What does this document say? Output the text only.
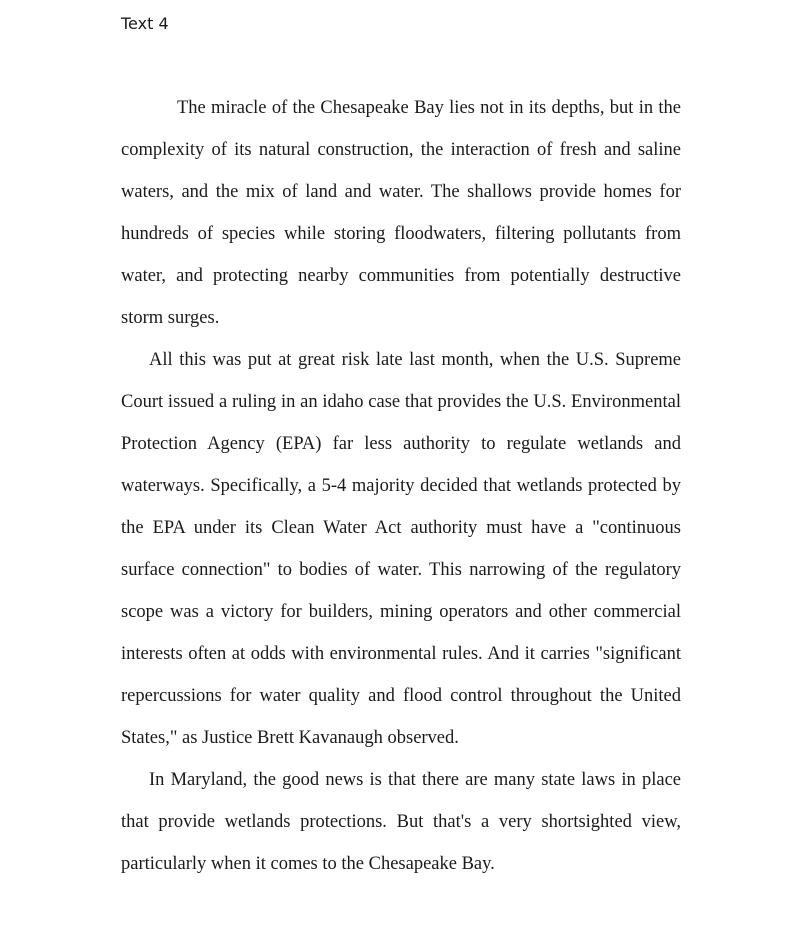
Text 4

The miracle of the Chesapeake Bay lies not in its depths, but in the complexity of its natural construction, the interaction of fresh and saline waters, and the mix of land and water. The shallows provide homes for hundreds of species while storing floodwaters, filtering pollutants from water, and protecting nearby communities from potentially destructive storm surges.

All this was put at great risk late last month, when the U.S. Supreme Court issued a ruling in an idaho case that provides the U.S. Environmental Protection Agency (EPA) far less authority to regulate wetlands and waterways. Specifically, a 5-4 majority decided that wetlands protected by the EPA under its Clean Water Act authority must have a "continuous surface connection" to bodies of water. This narrowing of the regulatory scope was a victory for builders, mining operators and other commercial interests often at odds with environmental rules. And it carries "significant repercussions for water quality and flood control throughout the United States," as Justice Brett Kavanaugh observed.

In Maryland, the good news is that there are many state laws in place that provide wetlands protections. But that's a very shortsighted view, particularly when it comes to the Chesapeake Bay.
